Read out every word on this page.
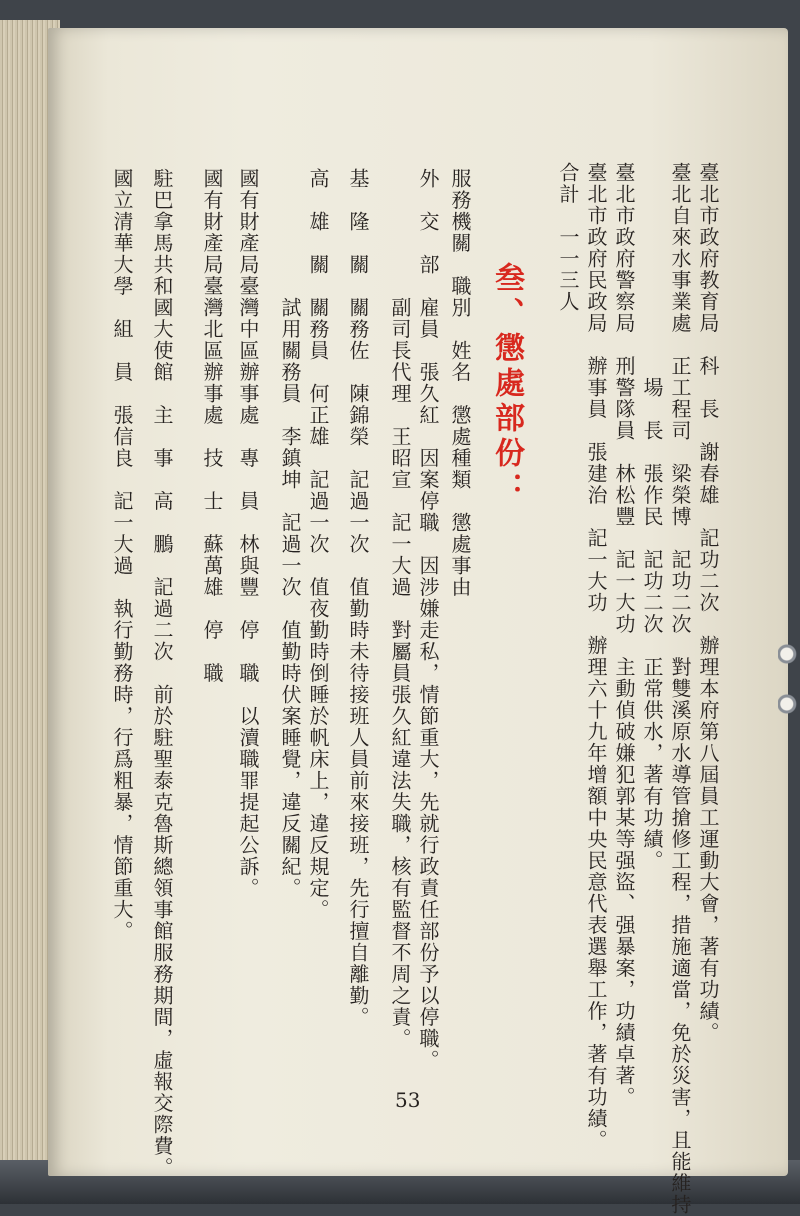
臺北市政府教育局　科　長　謝春雄　記功二次　辦理本府第八屆員工運動大會，著有功績。
臺北自來水事業處　正工程司　梁榮博　記功二次　對雙溪原水導管搶修工程，措施適當，免於災害，且能維持
　　　　　　　　　　場　長　張作民　記功二次　正常供水，著有功績。
臺北市政府警察局　刑警隊員　林松豐　記一大功　主動偵破嫌犯郭某等强盜、强暴案，功績卓著。
臺北市政府民政局　辦事員　張建治　記一大功　辦理六十九年增額中央民意代表選舉工作，著有功績。
合計　一一三人
叁、懲處部份：
服務機關　職別　姓名　懲處種類　懲處事由
外　交　部　雇員　張久紅　因案停職　因涉嫌走私，情節重大，先就行政責任部份予以停職。
　　　　　　副司長代理　王昭宣　記一大過　對屬員張久紅違法失職，核有監督不周之責。
基　隆　關　關務佐　陳錦榮　記過一次　值勤時未待接班人員前來接班，先行擅自離勤。
高　雄　關　關務員　何正雄　記過一次　值夜勤時倒睡於帆床上，違反規定。
　　　　　　試用關務員　李鎮坤　記過一次　值勤時伏案睡覺，違反關紀。
國有財產局臺灣中區辦事處　專　員　林與豐　停　職　以瀆職罪提起公訴。
國有財產局臺灣北區辦事處　技　士　蘇萬雄　停　職
駐巴拿馬共和國大使館　主　事　高　鵬　記過二次　前於駐聖泰克魯斯總領事館服務期間，虛報交際費。
國立清華大學　組　員　張信良　記一大過　執行勤務時，行爲粗暴，情節重大。
53
